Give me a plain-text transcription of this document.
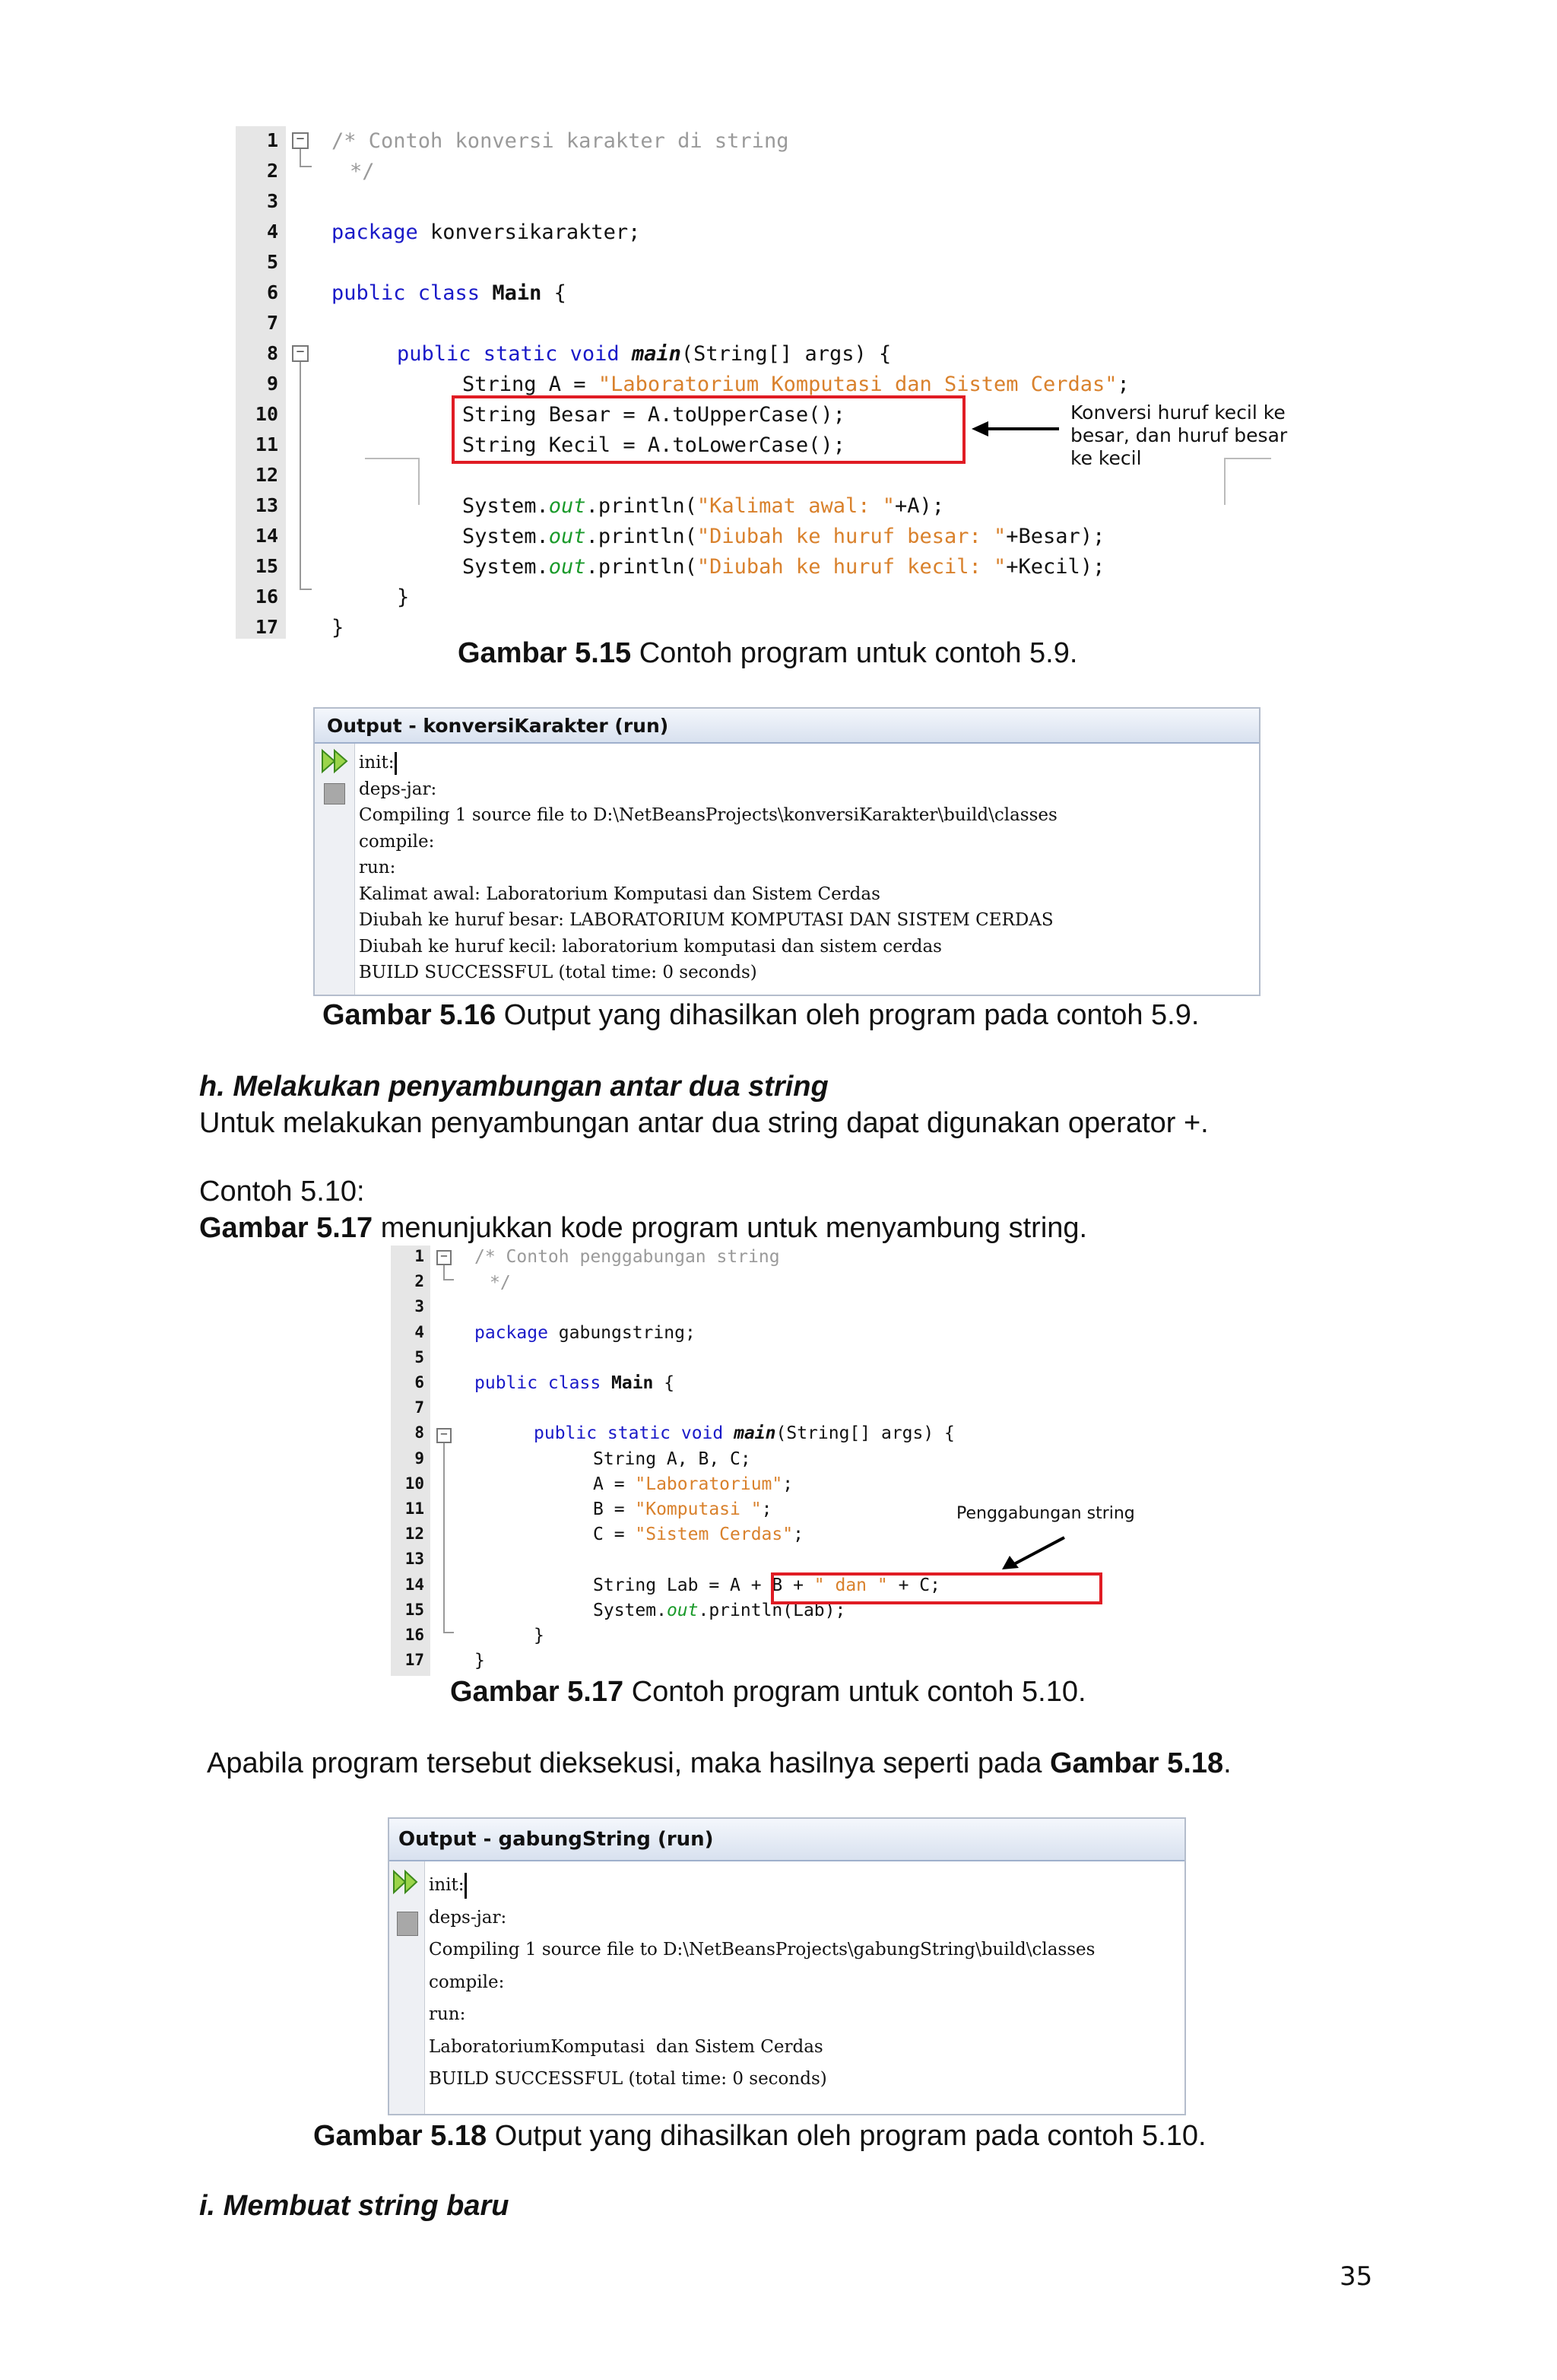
1
2
3
4
5
6
7
8
9
10
11
12
13
14
15
16
17

−

−

/* Contoh konversi karakter di string

*/

package konversikarakter;

public class Main {

public static void main(String[] args) {

String A = "Laboratorium Komputasi dan Sistem Cerdas";

String Besar = A.toUpperCase();

String Kecil = A.toLowerCase();

System.out.println("Kalimat awal: "+A);

System.out.println("Diubah ke huruf besar: "+Besar);

System.out.println("Diubah ke huruf kecil: "+Kecil);

}

}

Konversi huruf kecil ke
besar, dan huruf besar
ke kecil

Gambar 5.15 Contoh program untuk contoh 5.9.
Output - konversiKarakter (run)
init:
deps-jar:
Compiling 1 source file to D:\NetBeansProjects\konversiKarakter\build\classes
compile:
run:
Kalimat awal: Laboratorium Komputasi dan Sistem Cerdas
Diubah ke huruf besar: LABORATORIUM KOMPUTASI DAN SISTEM CERDAS
Diubah ke huruf kecil: laboratorium komputasi dan sistem cerdas
BUILD SUCCESSFUL (total time: 0 seconds)
Gambar 5.16 Output yang dihasilkan oleh program pada contoh 5.9.
h. Melakukan penyambungan antar dua string
Untuk melakukan penyambungan antar dua string dapat digunakan operator +.
Contoh 5.10:
Gambar 5.17 menunjukkan kode program untuk menyambung string.

1
2
3
4
5
6
7
8
9
10
11
12
13
14
15
16
17

−

−

/* Contoh penggabungan string

*/

package gabungstring;

public class Main {

public static void main(String[] args) {

String A, B, C;

A = "Laboratorium";

B = "Komputasi ";

C = "Sistem Cerdas";

String Lab = A + B + " dan " + C;

System.out.println(Lab);

}

}

Penggabungan string

Gambar 5.17 Contoh program untuk contoh 5.10.
Apabila program tersebut dieksekusi, maka hasilnya seperti pada Gambar 5.18.
Output - gabungString (run)
init:
deps-jar:
Compiling 1 source file to D:\NetBeansProjects\gabungString\build\classes
compile:
run:
LaboratoriumKomputasi  dan Sistem Cerdas
BUILD SUCCESSFUL (total time: 0 seconds)
Gambar 5.18 Output yang dihasilkan oleh program pada contoh 5.10.
i. Membuat string baru
35
